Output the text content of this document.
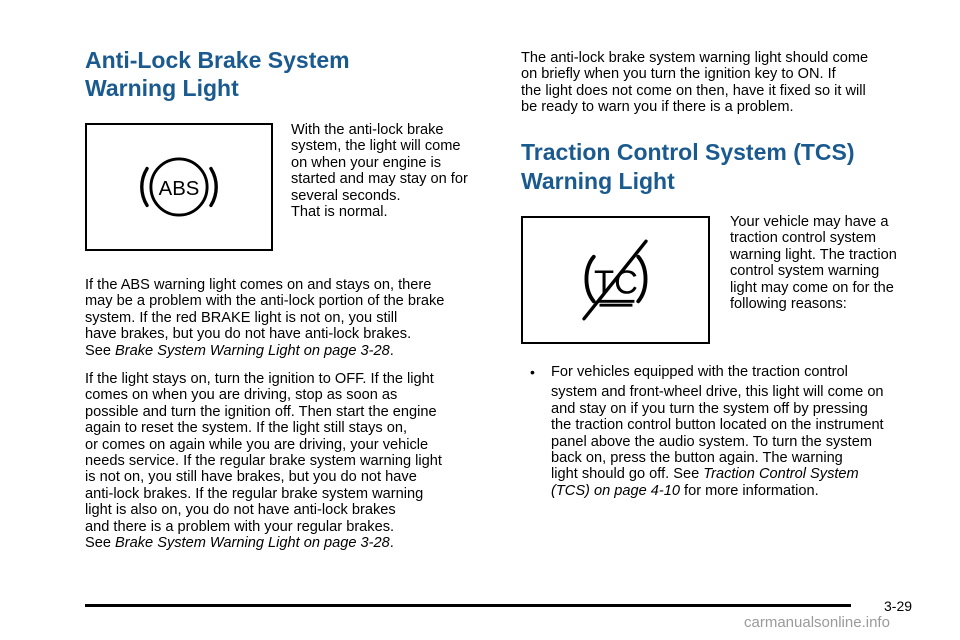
Anti-Lock Brake System
Warning Light
ABS
With the anti-lock brake
system, the light will come
on when your engine is
started and may stay on for
several seconds.
That is normal.
If the ABS warning light comes on and stays on, there
may be a problem with the anti-lock portion of the brake
system. If the red BRAKE light is not on, you still
have brakes, but you do not have anti-lock brakes.
See Brake System Warning Light on page 3-28.
If the light stays on, turn the ignition to OFF. If the light
comes on when you are driving, stop as soon as
possible and turn the ignition off. Then start the engine
again to reset the system. If the light still stays on,
or comes on again while you are driving, your vehicle
needs service. If the regular brake system warning light
is not on, you still have brakes, but you do not have
anti-lock brakes. If the regular brake system warning
light is also on, you do not have anti-lock brakes
and there is a problem with your regular brakes.
See Brake System Warning Light on page 3-28.
The anti-lock brake system warning light should come
on briefly when you turn the ignition key to ON. If
the light does not come on then, have it fixed so it will
be ready to warn you if there is a problem.
Traction Control System (TCS)
Warning Light
TC
Your vehicle may have a
traction control system
warning light. The traction
control system warning
light may come on for the
following reasons:
• For vehicles equipped with the traction control
system and front-wheel drive, this light will come on
and stay on if you turn the system off by pressing
the traction control button located on the instrument
panel above the audio system. To turn the system
back on, press the button again. The warning
light should go off. See Traction Control System
(TCS) on page 4-10 for more information.
3-29
carmanualsonline.info
